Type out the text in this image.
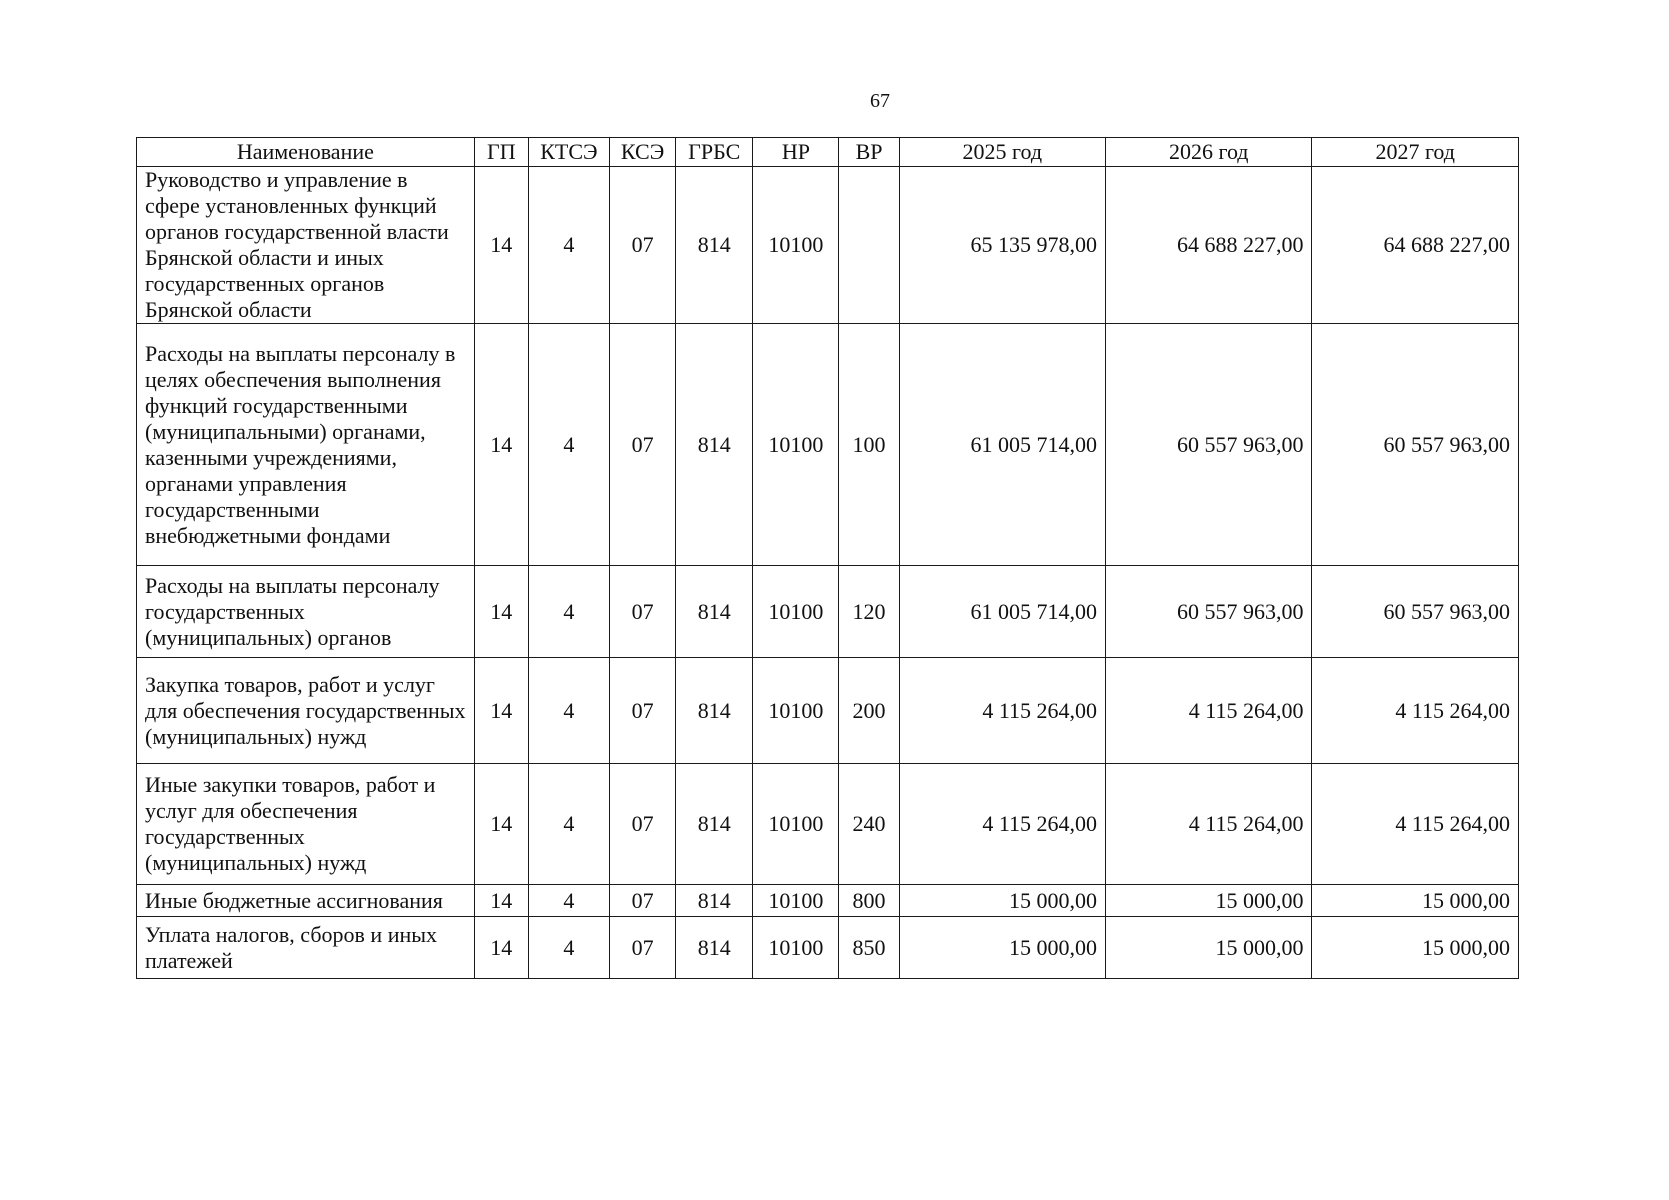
67
Наименование	ГП	КТСЭ	КСЭ	ГРБС	НР	ВР	2025 год	2026 год	2027 год
Руководство и управление в сфере установленных функций органов государственной власти Брянской области и иных государственных органов Брянской области	14	4	07	814	10100		65 135 978,00	64 688 227,00	64 688 227,00
Расходы на выплаты персоналу в целях обеспечения выполнения функций государственными (муниципальными) органами, казенными учреждениями, органами управления государственными внебюджетными фондами	14	4	07	814	10100	100	61 005 714,00	60 557 963,00	60 557 963,00
Расходы на выплаты персоналу государственных (муниципальных) органов	14	4	07	814	10100	120	61 005 714,00	60 557 963,00	60 557 963,00
Закупка товаров, работ и услуг для обеспечения государственных (муниципальных) нужд	14	4	07	814	10100	200	4 115 264,00	4 115 264,00	4 115 264,00
Иные закупки товаров, работ и услуг для обеспечения государственных (муниципальных) нужд	14	4	07	814	10100	240	4 115 264,00	4 115 264,00	4 115 264,00
Иные бюджетные ассигнования	14	4	07	814	10100	800	15 000,00	15 000,00	15 000,00
Уплата налогов, сборов и иных платежей	14	4	07	814	10100	850	15 000,00	15 000,00	15 000,00
